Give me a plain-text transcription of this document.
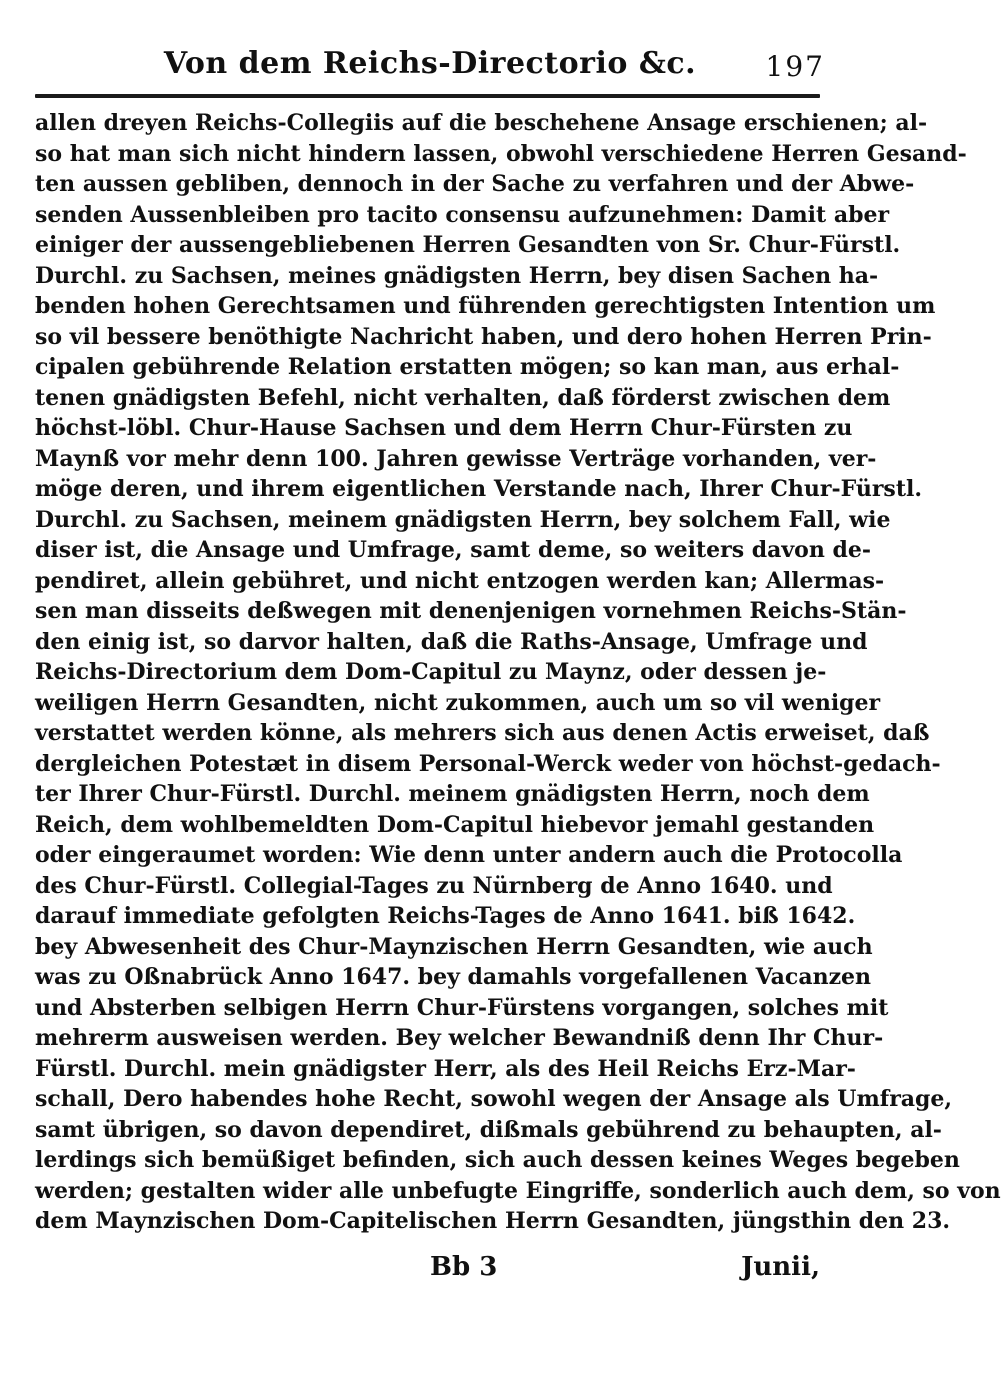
Von dem Reichs-Directorio &c.	197
allen dreyen Reichs-Collegiis auf die beschehene Ansage erschienen; al-
so hat man sich nicht hindern lassen, obwohl verschiedene Herren Gesand-
ten aussen gebliben, dennoch in der Sache zu verfahren und der Abwe-
senden Aussenbleiben pro tacito consensu aufzunehmen: Damit aber
einiger der aussengebliebenen Herren Gesandten von Sr. Chur-Fürstl.
Durchl. zu Sachsen, meines gnädigsten Herrn, bey disen Sachen ha-
benden hohen Gerechtsamen und führenden gerechtigsten Intention um
so vil bessere benöthigte Nachricht haben, und dero hohen Herren Prin-
cipalen gebührende Relation erstatten mögen; so kan man, aus erhal-
tenen gnädigsten Befehl, nicht verhalten, daß förderst zwischen dem
höchst-löbl. Chur-Hause Sachsen und dem Herrn Chur-Fürsten zu
Maynß vor mehr denn 100. Jahren gewisse Verträge vorhanden, ver-
möge deren, und ihrem eigentlichen Verstande nach, Ihrer Chur-Fürstl.
Durchl. zu Sachsen, meinem gnädigsten Herrn, bey solchem Fall, wie
diser ist, die Ansage und Umfrage, samt deme, so weiters davon de-
pendiret, allein gebühret, und nicht entzogen werden kan; Allermas-
sen man disseits deßwegen mit denenjenigen vornehmen Reichs-Stän-
den einig ist, so darvor halten, daß die Raths-Ansage, Umfrage und
Reichs-Directorium dem Dom-Capitul zu Maynz, oder dessen je-
weiligen Herrn Gesandten, nicht zukommen, auch um so vil weniger
verstattet werden könne, als mehrers sich aus denen Actis erweiset, daß
dergleichen Potestæt in disem Personal-Werck weder von höchst-gedach-
ter Ihrer Chur-Fürstl. Durchl. meinem gnädigsten Herrn, noch dem
Reich, dem wohlbemeldten Dom-Capitul hiebevor jemahl gestanden
oder eingeraumet worden: Wie denn unter andern auch die Protocolla
des Chur-Fürstl. Collegial-Tages zu Nürnberg de Anno 1640. und
darauf immediate gefolgten Reichs-Tages de Anno 1641. biß 1642.
bey Abwesenheit des Chur-Maynzischen Herrn Gesandten, wie auch
was zu Oßnabrück Anno 1647. bey damahls vorgefallenen Vacanzen
und Absterben selbigen Herrn Chur-Fürstens vorgangen, solches mit
mehrerm ausweisen werden. Bey welcher Bewandniß denn Ihr Chur-
Fürstl. Durchl. mein gnädigster Herr, als des Heil Reichs Erz-Mar-
schall, Dero habendes hohe Recht, sowohl wegen der Ansage als Umfrage,
samt übrigen, so davon dependiret, dißmals gebührend zu behaupten, al-
lerdings sich bemüßiget befinden, sich auch dessen keines Weges begeben
werden; gestalten wider alle unbefugte Eingriffe, sonderlich auch dem, so von
dem Maynzischen Dom-Capitelischen Herrn Gesandten, jüngsthin den 23.
Bb 3	Junii,
